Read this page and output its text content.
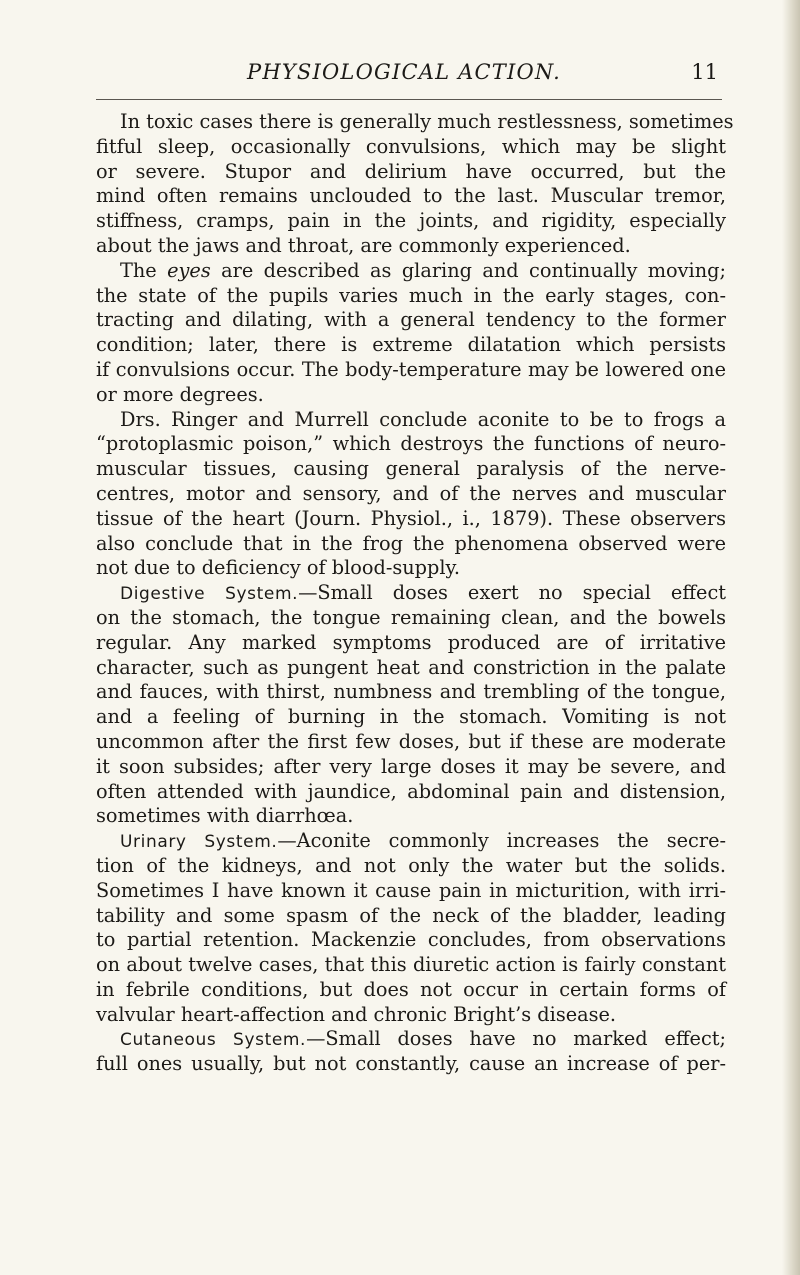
PHYSIOLOGICAL ACTION.	11
In toxic cases there is generally much restlessness, sometimes
fitful sleep, occasionally convulsions, which may be slight
or severe. Stupor and delirium have occurred, but the
mind often remains unclouded to the last. Muscular tremor,
stiffness, cramps, pain in the joints, and rigidity, especially
about the jaws and throat, are commonly experienced.
The eyes are described as glaring and continually moving;
the state of the pupils varies much in the early stages, con-
tracting and dilating, with a general tendency to the former
condition; later, there is extreme dilatation which persists
if convulsions occur. The body-temperature may be lowered one
or more degrees.
Drs. Ringer and Murrell conclude aconite to be to frogs a
“protoplasmic poison,” which destroys the functions of neuro-
muscular tissues, causing general paralysis of the nerve-
centres, motor and sensory, and of the nerves and muscular
tissue of the heart (Journ. Physiol., i., 1879). These observers
also conclude that in the frog the phenomena observed were
not due to deficiency of blood-supply.
Digestive System.—Small doses exert no special effect
on the stomach, the tongue remaining clean, and the bowels
regular. Any marked symptoms produced are of irritative
character, such as pungent heat and constriction in the palate
and fauces, with thirst, numbness and trembling of the tongue,
and a feeling of burning in the stomach. Vomiting is not
uncommon after the first few doses, but if these are moderate
it soon subsides; after very large doses it may be severe, and
often attended with jaundice, abdominal pain and distension,
sometimes with diarrhœa.
Urinary System.—Aconite commonly increases the secre-
tion of the kidneys, and not only the water but the solids.
Sometimes I have known it cause pain in micturition, with irri-
tability and some spasm of the neck of the bladder, leading
to partial retention. Mackenzie concludes, from observations
on about twelve cases, that this diuretic action is fairly constant
in febrile conditions, but does not occur in certain forms of
valvular heart-affection and chronic Bright’s disease.
Cutaneous System.—Small doses have no marked effect;
full ones usually, but not constantly, cause an increase of per-
